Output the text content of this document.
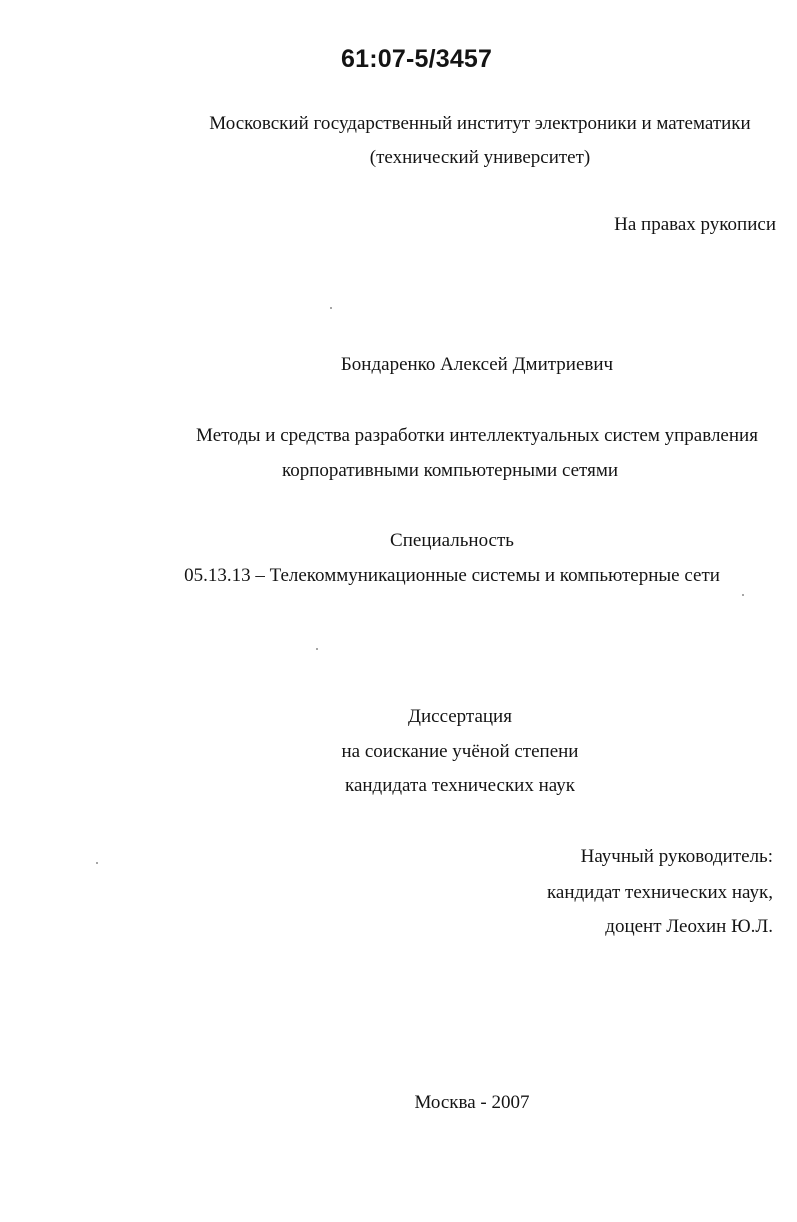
61:07-5/3457
Московский государственный институт электроники и математики
(технический университет)
На правах рукописи
Бондаренко Алексей Дмитриевич
Методы и средства разработки интеллектуальных систем управления
корпоративными компьютерными сетями
Специальность
05.13.13 – Телекоммуникационные системы и компьютерные сети
Диссертация
на соискание учёной степени
кандидата технических наук
Научный руководитель:
кандидат технических наук,
доцент Леохин Ю.Л.
Москва - 2007
